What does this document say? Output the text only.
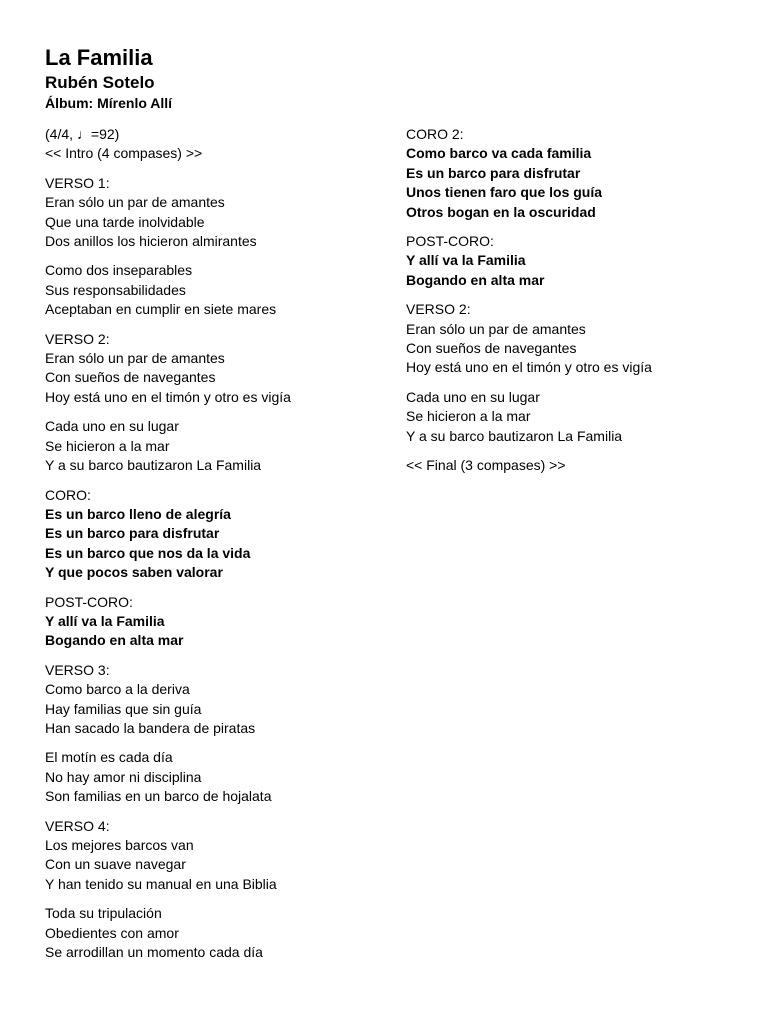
La Familia
Rubén Sotelo
Álbum: Mírenlo Allí
(4/4, ♩=92)
<< Intro (4 compases) >>
VERSO 1:
Eran sólo un par de amantes
Que una tarde inolvidable
Dos anillos los hicieron almirantes
Como dos inseparables
Sus responsabilidades
Aceptaban en cumplir en siete mares
VERSO 2:
Eran sólo un par de amantes
Con sueños de navegantes
Hoy está uno en el timón y otro es vigía
Cada uno en su lugar
Se hicieron a la mar
Y a su barco bautizaron La Familia
CORO:
Es un barco lleno de alegría
Es un barco para disfrutar
Es un barco que nos da la vida
Y que pocos saben valorar
POST-CORO:
Y allí va la Familia
Bogando en alta mar
VERSO 3:
Como barco a la deriva
Hay familias que sin guía
Han sacado la bandera de piratas
El motín es cada día
No hay amor ni disciplina
Son familias en un barco de hojalata
VERSO 4:
Los mejores barcos van
Con un suave navegar
Y han tenido su manual en una Biblia
Toda su tripulación
Obedientes con amor
Se arrodillan un momento cada día
CORO 2:
Como barco va cada familia
Es un barco para disfrutar
Unos tienen faro que los guía
Otros bogan en la oscuridad
POST-CORO:
Y allí va la Familia
Bogando en alta mar
VERSO 2:
Eran sólo un par de amantes
Con sueños de navegantes
Hoy está uno en el timón y otro es vigía
Cada uno en su lugar
Se hicieron a la mar
Y a su barco bautizaron La Familia
<< Final (3 compases) >>
